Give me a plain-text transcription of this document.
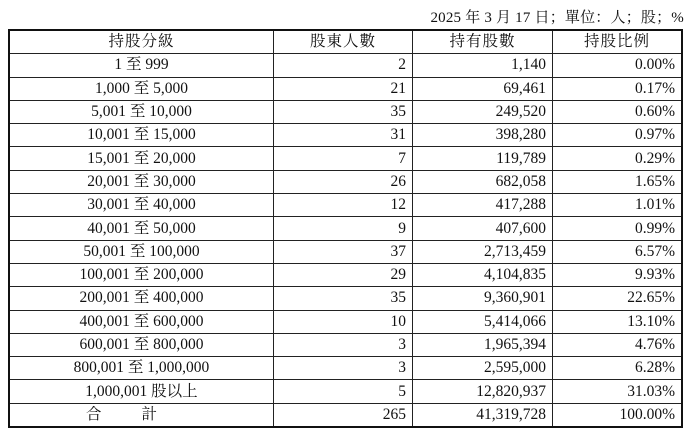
2025 年 3 月 17 日；單位：人；股；%
持股分級	股東人數	持有股數	持股比例
1 至 999	2	1,140	0.00%
1,000 至 5,000	21	69,461	0.17%
5,001 至 10,000	35	249,520	0.60%
10,001 至 15,000	31	398,280	0.97%
15,001 至 20,000	7	119,789	0.29%
20,001 至 30,000	26	682,058	1.65%
30,001 至 40,000	12	417,288	1.01%
40,001 至 50,000	9	407,600	0.99%
50,001 至 100,000	37	2,713,459	6.57%
100,001 至 200,000	29	4,104,835	9.93%
200,001 至 400,000	35	9,360,901	22.65%
400,001 至 600,000	10	5,414,066	13.10%
600,001 至 800,000	3	1,965,394	4.76%
800,001 至 1,000,000	3	2,595,000	6.28%
1,000,001 股以上	5	12,820,937	31.03%
合計	265	41,319,728	100.00%
